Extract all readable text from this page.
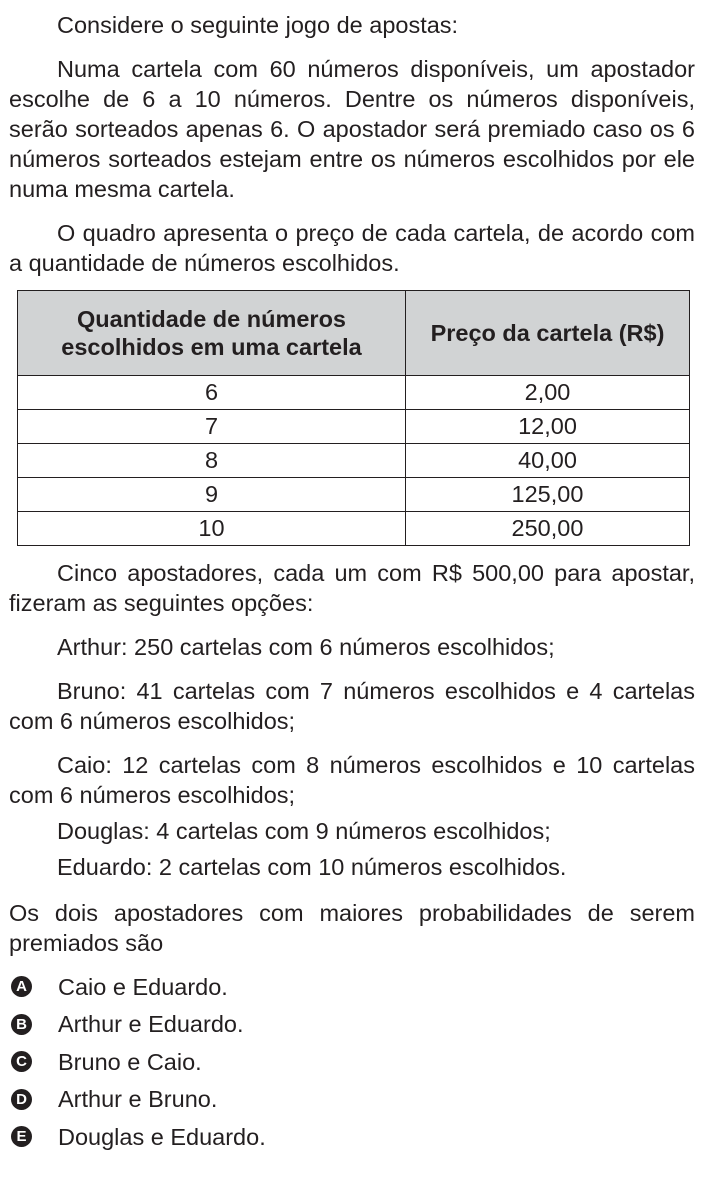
Considere o seguinte jogo de apostas:

Numa cartela com 60 números disponíveis, um apostador escolhe de 6 a 10 números. Dentre os números disponíveis, serão sorteados apenas 6. O apostador será premiado caso os 6 números sorteados estejam entre os números escolhidos por ele numa mesma cartela.

O quadro apresenta o preço de cada cartela, de acordo com a quantidade de números escolhidos.

Quantidade de números escolhidos em uma cartela	Preço da cartela (R$)
6	2,00
7	12,00
8	40,00
9	125,00
10	250,00

Cinco apostadores, cada um com R$ 500,00 para apostar, fizeram as seguintes opções:

Arthur: 250 cartelas com 6 números escolhidos;

Bruno: 41 cartelas com 7 números escolhidos e 4 cartelas com 6 números escolhidos;

Caio: 12 cartelas com 8 números escolhidos e 10 cartelas com 6 números escolhidos;

Douglas: 4 cartelas com 9 números escolhidos;

Eduardo: 2 cartelas com 10 números escolhidos.

Os dois apostadores com maiores probabilidades de serem premiados são

A Caio e Eduardo.
B Arthur e Eduardo.
C Bruno e Caio.
D Arthur e Bruno.
E Douglas e Eduardo.
